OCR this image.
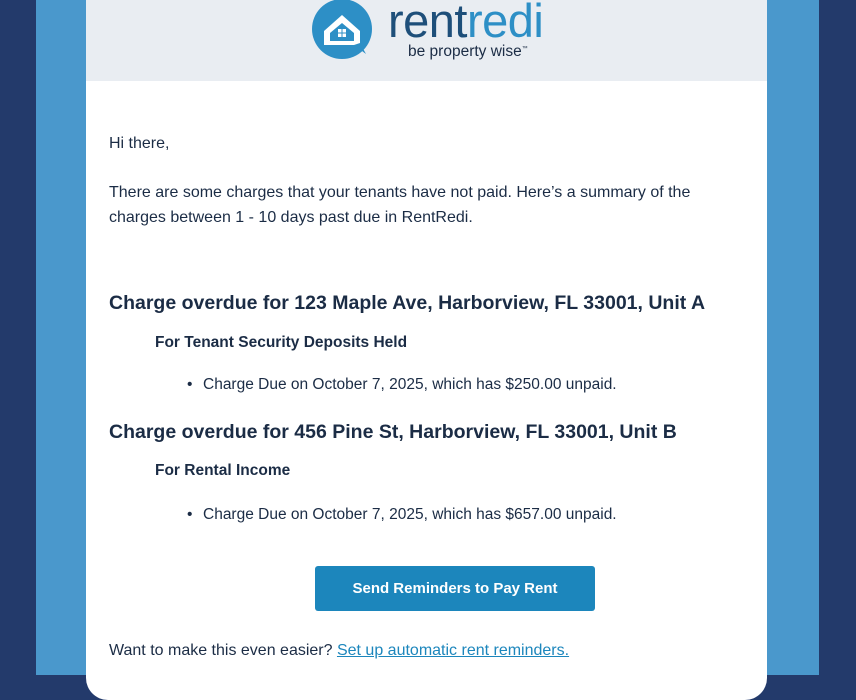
rentredi
be property wise™
Hi there,
There are some charges that your tenants have not paid. Here’s a summary of the charges between 1 - 10 days past due in RentRedi.
Charge overdue for 123 Maple Ave, Harborview, FL 33001, Unit A
For Tenant Security Deposits Held
• Charge Due on October 7, 2025, which has $250.00 unpaid.
Charge overdue for 456 Pine St, Harborview, FL 33001, Unit B
For Rental Income
• Charge Due on October 7, 2025, which has $657.00 unpaid.
Send Reminders to Pay Rent
Want to make this even easier? Set up automatic rent reminders.
